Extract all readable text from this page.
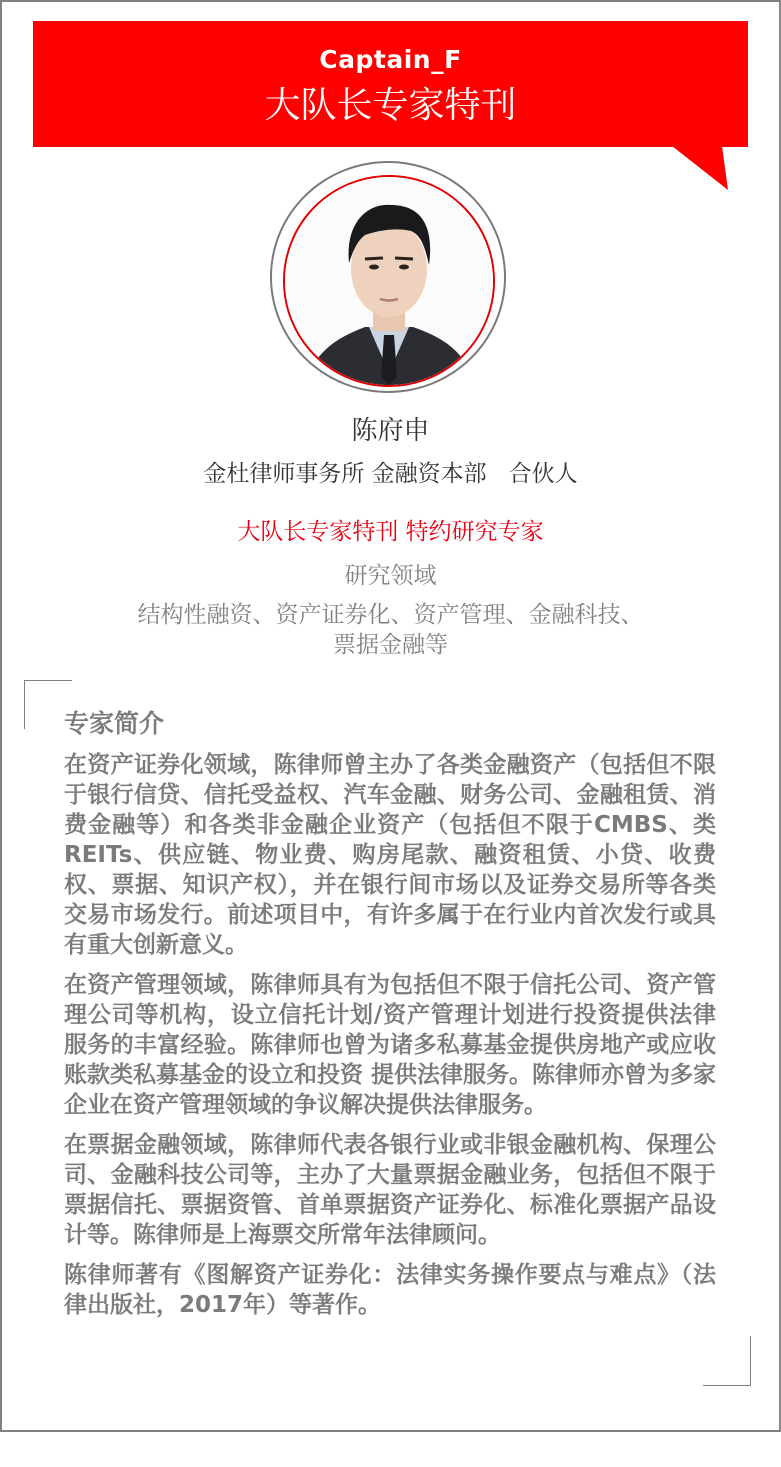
Captain_F
大队长专家特刊
陈府申
金杜律师事务所 金融资本部 合伙人
大队长专家特刊 特约研究专家
研究领域
结构性融资、资产证券化、资产管理、金融科技、
票据金融等
专家简介

在资产证券化领域，陈律师曾主办了各类金融资产（包括但不限于银行信贷、信托受益权、汽车金融、财务公司、金融租赁、消费金融等）和各类非金融企业资产（包括但不限于CMBS、类REITs、供应链、物业费、购房尾款、融资租赁、小贷、收费权、票据、知识产权），并在银行间市场以及证券交易所等各类交易市场发行。前述项目中，有许多属于在行业内首次发行或具有重大创新意义。

在资产管理领域，陈律师具有为包括但不限于信托公司、资产管理公司等机构，设立信托计划/资产管理计划进行投资提供法律服务的丰富经验。陈律师也曾为诸多私募基金提供房地产或应收账款类私募基金的设立和投资 提供法律服务。陈律师亦曾为多家企业在资产管理领域的争议解决提供法律服务。

在票据金融领域，陈律师代表各银行业或非银金融机构、保理公司、金融科技公司等，主办了大量票据金融业务，包括但不限于票据信托、票据资管、首单票据资产证券化、标准化票据产品设计等。陈律师是上海票交所常年法律顾问。

陈律师著有《图解资产证券化：法律实务操作要点与难点》（法律出版社，2017年）等著作。
